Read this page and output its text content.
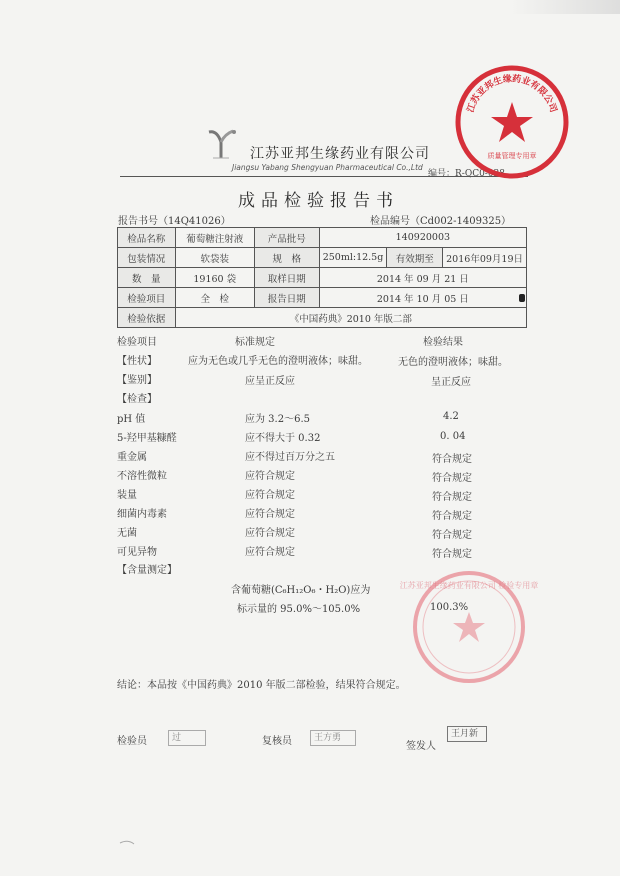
江苏亚邦生缘药业有限公司
Jiangsu Yabang Shengyuan Pharmaceutical Co.,Ltd
编号：R-QC0-028
成品检验报告书
报告书号（14Q41026）	检品编号（Cd002-1409325）
检品名称	葡萄糖注射液	产品批号	140920003		
包装情况	软袋装	规　格	250ml:12.5g	有效期至	2016年09月19日
数　量	19160 袋	取样日期	2014 年 09 月 21 日		
检验项目	全　检	报告日期	2014 年 10 月 05 日		
检验依据	《中国药典》2010 年版二部				
检验项目	标准规定	检验结果
【性状】	应为无色或几乎无色的澄明液体；味甜。	无色的澄明液体；味甜。
【鉴别】	应呈正反应	呈正反应
【检查】
pH 值	应为 3.2～6.5	4.2
5-羟甲基糠醛	应不得大于 0.32	0. 04
重金属	应不得过百万分之五	符合规定
不溶性微粒	应符合规定	符合规定
装量	应符合规定	符合规定
细菌内毒素	应符合规定	符合规定
无菌	应符合规定	符合规定
可见异物	应符合规定	符合规定
【含量测定】
江苏亚邦生缘药业有限公司 检验专用章
含葡萄糖(C₆H₁₂O₆・H₂O)应为
标示量的 95.0%～105.0%	100.3%
结论：本品按《中国药典》2010 年版二部检验，结果符合规定。
检验员	过	复核员	王方勇
签发人
王月新
江苏亚邦生缘药业有限公司
质量管理专用章
